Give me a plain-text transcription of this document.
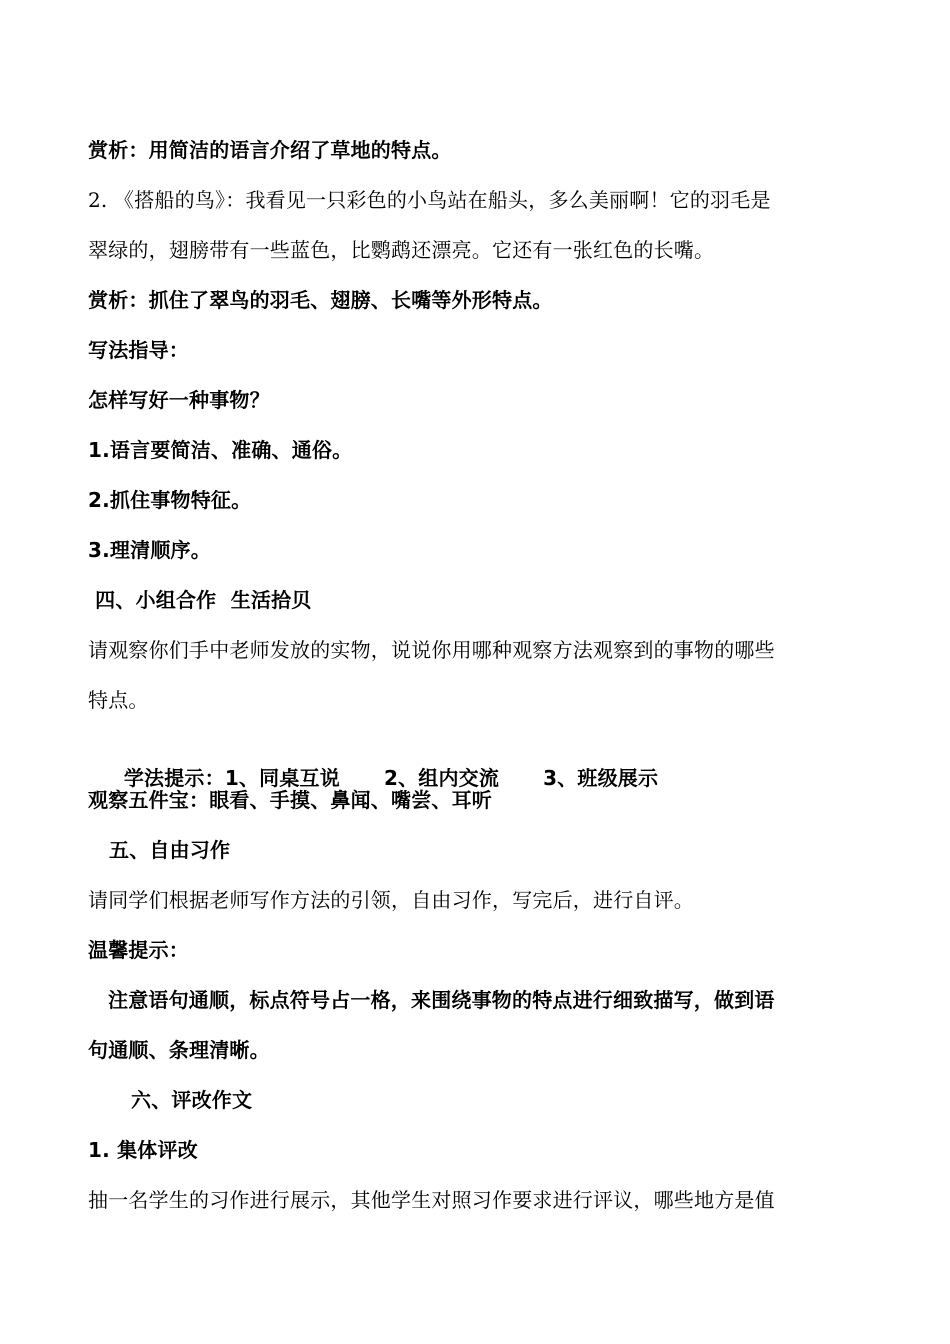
赏析：用简洁的语言介绍了草地的特点。
2. 《搭船的鸟》：我看见一只彩色的小鸟站在船头，多么美丽啊！它的羽毛是
翠绿的，翅膀带有一些蓝色，比鹦鹉还漂亮。它还有一张红色的长嘴。
赏析：抓住了翠鸟的羽毛、翅膀、长嘴等外形特点。
写法指导：
怎样写好一种事物？
1.语言要简洁、准确、通俗。
2.抓住事物特征。
3.理清顺序。
四、小组合作  生活拾贝
请观察你们手中老师发放的实物，说说你用哪种观察方法观察到的事物的哪些
特点。

学法提示：1、同桌互说 2、组内交流 3、班级展示

观察五件宝：眼看、手摸、鼻闻、嘴尝、耳听
五、自由习作
请同学们根据老师写作方法的引领，自由习作，写完后，进行自评。
温馨提示：
注意语句通顺，标点符号占一格，来围绕事物的特点进行细致描写，做到语
句通顺、条理清晰。
六、评改作文
1. 集体评改
抽一名学生的习作进行展示，其他学生对照习作要求进行评议，哪些地方是值
